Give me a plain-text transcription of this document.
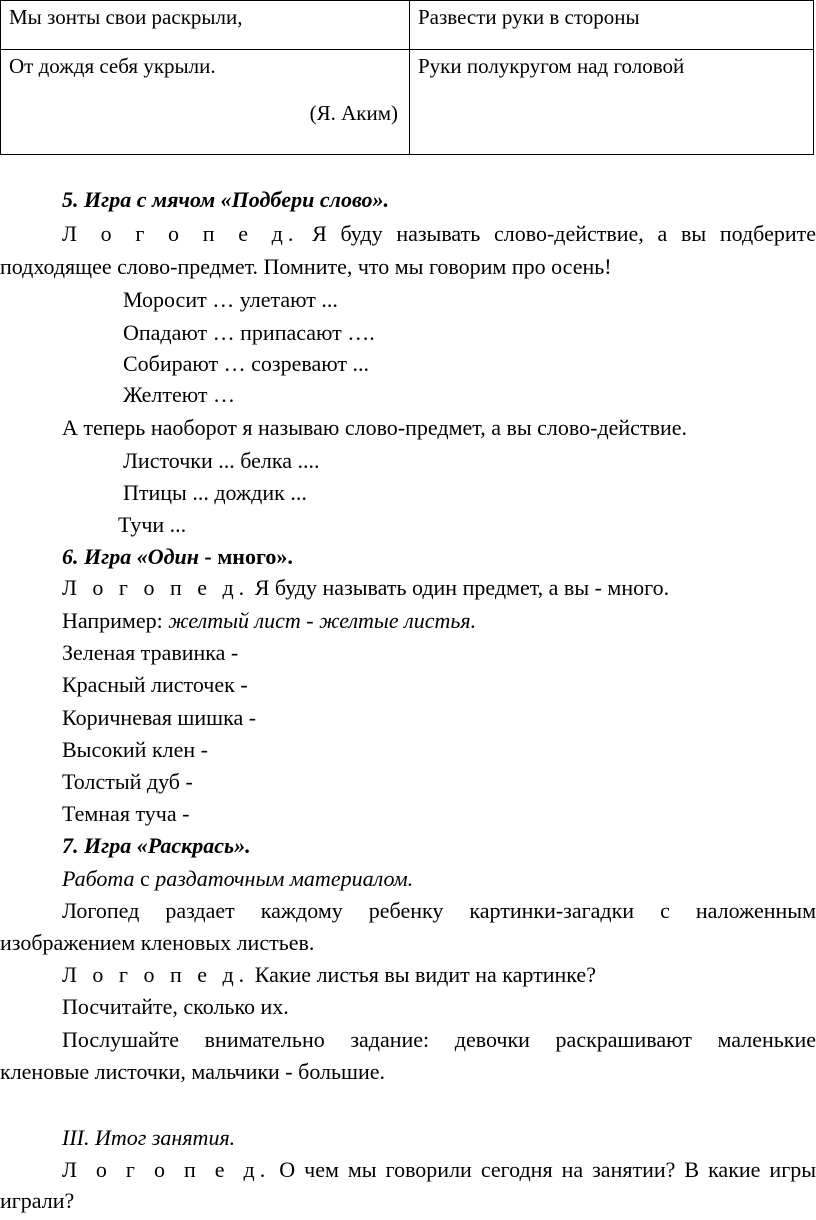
Мы зонты свои раскрыли,	Развести руки в стороны

От дождя себя укрыли.
(Я. Аким)	Руки полукругом над головой
5. Игра с мячом «Подбери слово».
Л о г о п е д. Я буду называть слово-действие, а вы подберите
подходящее слово-предмет. Помните, что мы говорим про осень!
Моросит … улетают ...
Опадают … припасают ….
Собирают … созревают ...
Желтеют …
А теперь наоборот я называю слово-предмет, а вы слово-действие.
Листочки ... белка ....
Птицы ... дождик ...
Тучи ...
6. Игра «Один - много».
Л о г о п е д. Я буду называть один предмет, а вы - много.
Например: желтый лист - желтые листья.
Зеленая травинка -
Красный листочек -
Коричневая шишка -
Высокий клен -
Толстый дуб -
Темная туча -
7. Игра «Раскрась».
Работа с раздаточным материалом.
Логопед раздает каждому ребенку картинки-загадки с наложенным
изображением кленовых листьев.
Л о г о п е д. Какие листья вы видит на картинке?
Посчитайте, сколько их.
Послушайте внимательно задание: девочки раскрашивают маленькие
кленовые листочки, мальчики - большие.
III. Итог занятия.
Л о г о п е д. О чем мы говорили сегодня на занятии? В какие игры
играли?
